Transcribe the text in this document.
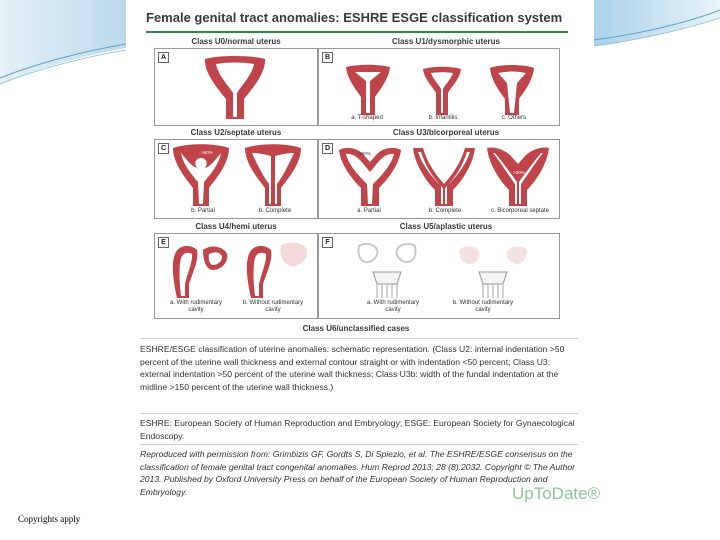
Female genital tract anomalies: ESHRE ESGE classification system
Class U0/normal uterus	Class U1/dysmorphic uterus
A	B
a. T-shaped	b. Infantilis	c. Others
Class U2/septate uterus	Class U3/bicorporeal uterus
C
b. Partial	b. Complete
>50%
D
a. Partial	b. Complete	c. Bicorporeal septate
>50%
>50%
Class U4/hemi uterus	Class U5/aplastic uterus
E
a. With rudimentary
cavity
b. Without rudimentary
cavity
F
a. With rudimentary
cavity
b. Without rudimentary
cavity
Class U6/unclassified cases
ESHRE/ESGE classification of uterine anomalies: schematic representation. (Class U2: internal indentation >50 percent of the uterine wall thickness and external contour straight or with indentation <50 percent; Class U3: external indentation >50 percent of the uterine wall thickness; Class U3b: width of the fundal indentation at the midline >150 percent of the uterine wall thickness.)
ESHRE: European Society of Human Reproduction and Embryology; ESGE: European Society for Gynaecological Endoscopy.
Reproduced with permission from: Grimbizis GF, Gordts S, Di Spiezio, et al. The ESHRE/ESGE consensus on the classification of female genital tract congenital anomalies. Hum Reprod 2013; 28 (8):2032. Copyright © The Author 2013. Published by Oxford University Press on behalf of the European Society of Human Reproduction and Embryology.	UpToDate®
Copyrights apply
